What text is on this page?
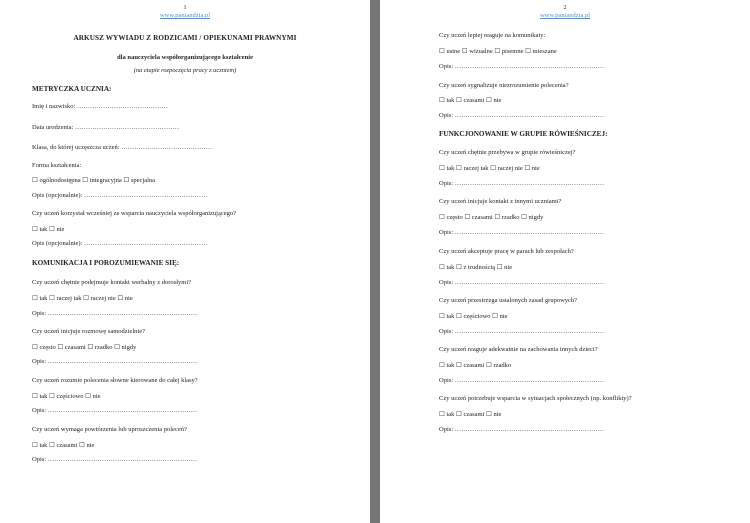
1
www.paniandzia.pl
ARKUSZ WYWIADU Z RODZICAMI / OPIEKUNAMI PRAWNYMI
dla nauczyciela współorganizującego kształcenie
(na etapie rozpoczęcia pracy z uczniem)
METRYCZKA UCZNIA:
Imię i nazwisko: ……………………………………
Data urodzenia: …………………………………………
Klasa, do której uczęszcza uczeń: ……………………………………
Forma kształcenia:
☐ ogólnodostępna ☐ integracyjna ☐ specjalna
Opis (opcjonalnie): …………………………………………………
Czy uczeń korzystał wcześniej ze wsparcia nauczyciela współorganizującego?
☐ tak ☐ nie
Opis (opcjonalnie): …………………………………………………
KOMUNIKACJA I POROZUMIEWANIE SIĘ:
Czy uczeń chętnie podejmuje kontakt werbalny z dorosłymi?
☐ tak ☐ raczej tak ☐ raczej nie ☐ nie
Opis: ……………………………………………………………
Czy uczeń inicjuje rozmowę samodzielnie?
☐ często ☐ czasami ☐ rzadko ☐ nigdy
Opis: ……………………………………………………………
Czy uczeń rozumie polecenia słowne kierowane do całej klasy?
☐ tak ☐ częściowo ☐ nie
Opis: ……………………………………………………………
Czy uczeń wymaga powtórzenia lub uproszczenia poleceń?
☐ tak ☐ czasami ☐ nie
Opis: ……………………………………………………………
2
www.paniandzia.pl
Czy uczeń lepiej reaguje na komunikaty:
☐ ustne ☐ wizualne ☐ pisemne ☐ mieszane
Opis: ……………………………………………………………
Czy uczeń sygnalizuje niezrozumienie polecenia?
☐ tak ☐ czasami ☐ nie
Opis: ……………………………………………………………
FUNKCJONOWANIE W GRUPIE RÓWIEŚNICZEJ:
Czy uczeń chętnie przebywa w grupie rówieśniczej?
☐ tak ☐ raczej tak ☐ raczej nie ☐ nie
Opis: ……………………………………………………………
Czy uczeń inicjuje kontakt z innymi uczniami?
☐ często ☐ czasami ☐ rzadko ☐ nigdy
Opis: ……………………………………………………………
Czy uczeń akceptuje pracę w parach lub zespołach?
☐ tak ☐ z trudnością ☐ nie
Opis: ……………………………………………………………
Czy uczeń przestrzega ustalonych zasad grupowych?
☐ tak ☐ częściowo ☐ nie
Opis: ……………………………………………………………
Czy uczeń reaguje adekwatnie na zachowania innych dzieci?
☐ tak ☐ czasami ☐ rzadko
Opis: ……………………………………………………………
Czy uczeń potrzebuje wsparcia w sytuacjach społecznych (np. konflikty)?
☐ tak ☐ czasami ☐ nie
Opis: ……………………………………………………………
